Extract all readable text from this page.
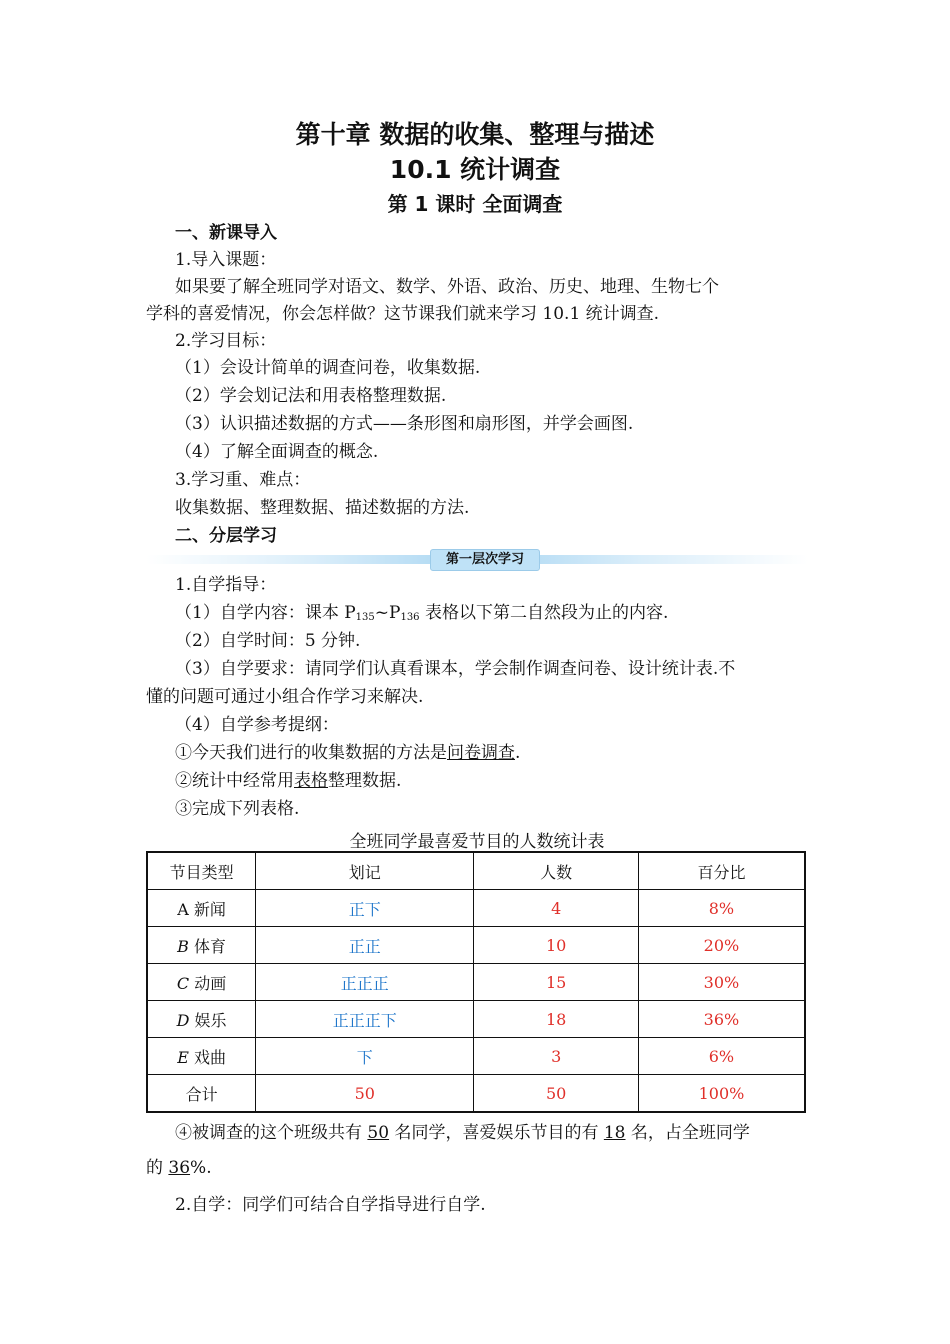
第十章 数据的收集、整理与描述
10.1 统计调查
第 1 课时 全面调查
一、新课导入
1.导入课题：
如果要了解全班同学对语文、数学、外语、政治、历史、地理、生物七个
学科的喜爱情况，你会怎样做？这节课我们就来学习 10.1 统计调查.
2.学习目标：
（1）会设计简单的调查问卷，收集数据.
（2）学会划记法和用表格整理数据.
（3）认识描述数据的方式——条形图和扇形图，并学会画图.
（4）了解全面调查的概念.
3.学习重、难点：
收集数据、整理数据、描述数据的方法.
二、分层学习
第一层次学习
1.自学指导：
（1）自学内容：课本 $P_{135}\sim P_{136}$ 表格以下第二自然段为止的内容.
（2）自学时间：5 分钟.
（3）自学要求：请同学们认真看课本，学会制作调查问卷、设计统计表.不
懂的问题可通过小组合作学习来解决.
（4）自学参考提纲：
①今天我们进行的收集数据的方法是问卷调查.
②统计中经常用表格整理数据.
③完成下列表格.
全班同学最喜爱节目的人数统计表
节目类型	划记	人数	百分比
A 新闻	正下	4	8%
B 体育	正正	10	20%
C 动画	正正正	15	30%
D 娱乐	正正正下	18	36%
E 戏曲	下	3	6%
合计	50	50	100%
④被调查的这个班级共有 50 名同学，喜爱娱乐节目的有 18 名，占全班同学
的 36%.
2.自学：同学们可结合自学指导进行自学.
